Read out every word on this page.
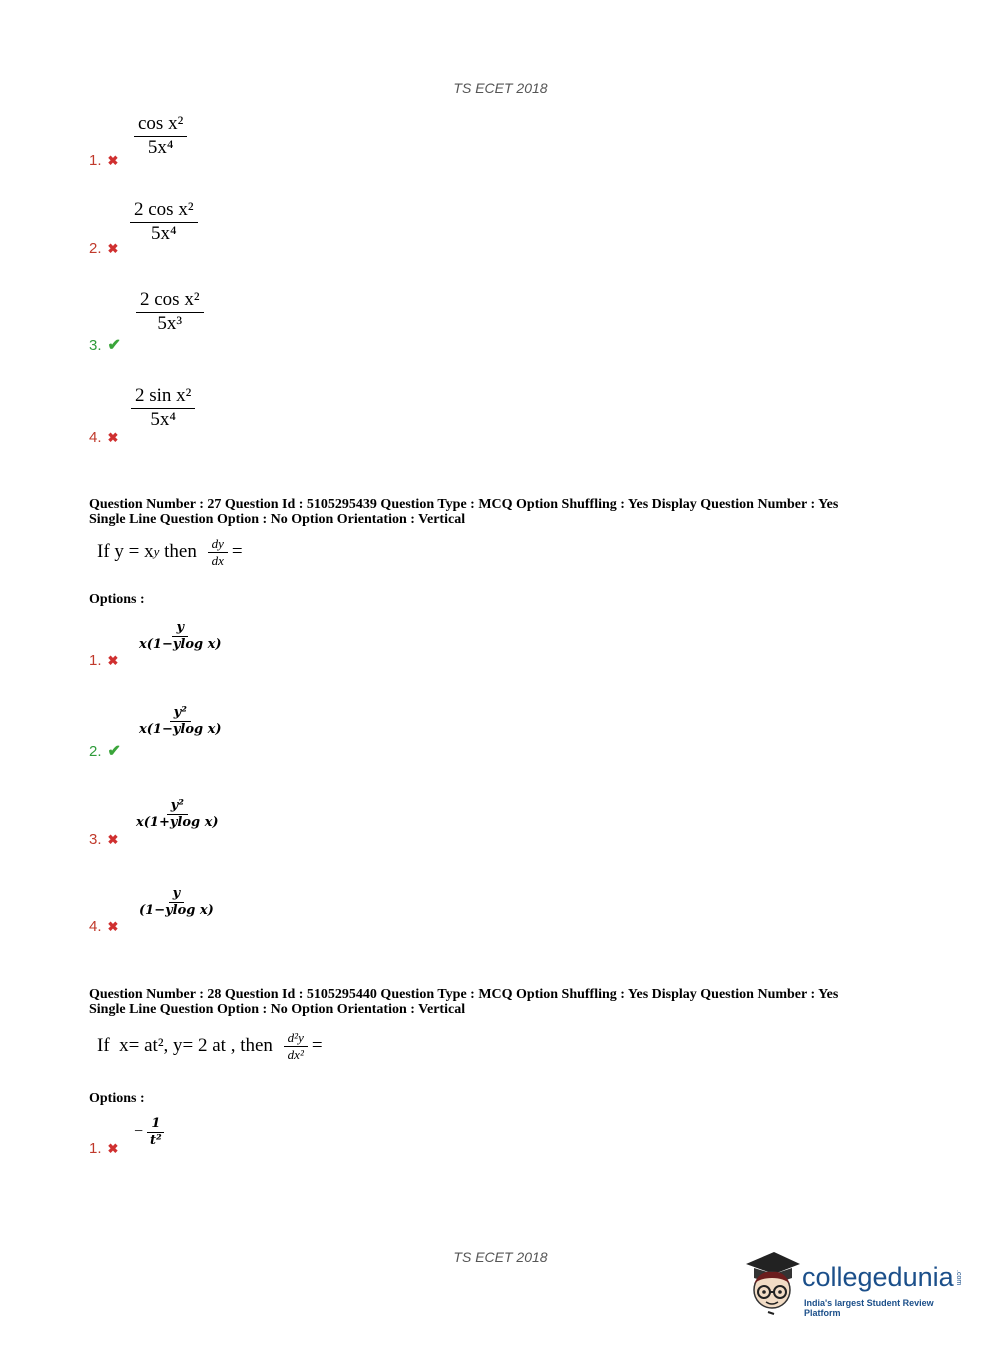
TS ECET 2018
1. ✖
$\frac{\text{cos x²}}{\text{5x⁴}}$
2. ✖
$\frac{\text{2 cos x²}}{\text{5x⁴}}$
3. ✔
$\frac{\text{2 cos x²}}{\text{5x³}}$
4. ✖
$\frac{\text{2 sin x²}}{\text{5x⁴}}$
Question Number : 27 Question Id : 5105295439 Question Type : MCQ Option Shuffling : Yes Display Question Number : Yes
Single Line Question Option : No Option Orientation : Vertical
If y = x y then $\frac{dy}{dx}$ =
Options :
1. ✖
$\frac{y}{\text{x(1−ylog x)}}$
2. ✔
$\frac{\text{y²}}{\text{x(1−ylog x)}}$
3. ✖
$\frac{\text{y²}}{\text{x(1+ylog x)}}$
4. ✖
$\frac{y}{\text{(1−ylog x)}}$
Question Number : 28 Question Id : 5105295440 Question Type : MCQ Option Shuffling : Yes Display Question Number : Yes
Single Line Question Option : No Option Orientation : Vertical
If  x= at², y= 2 at , then $\frac{\text{d²y}}{\text{dx²}}$ =
Options :
1. ✖
− $\frac{1}{\text{t²}}$
TS ECET 2018
collegedunia .com
India's largest Student Review Platform
